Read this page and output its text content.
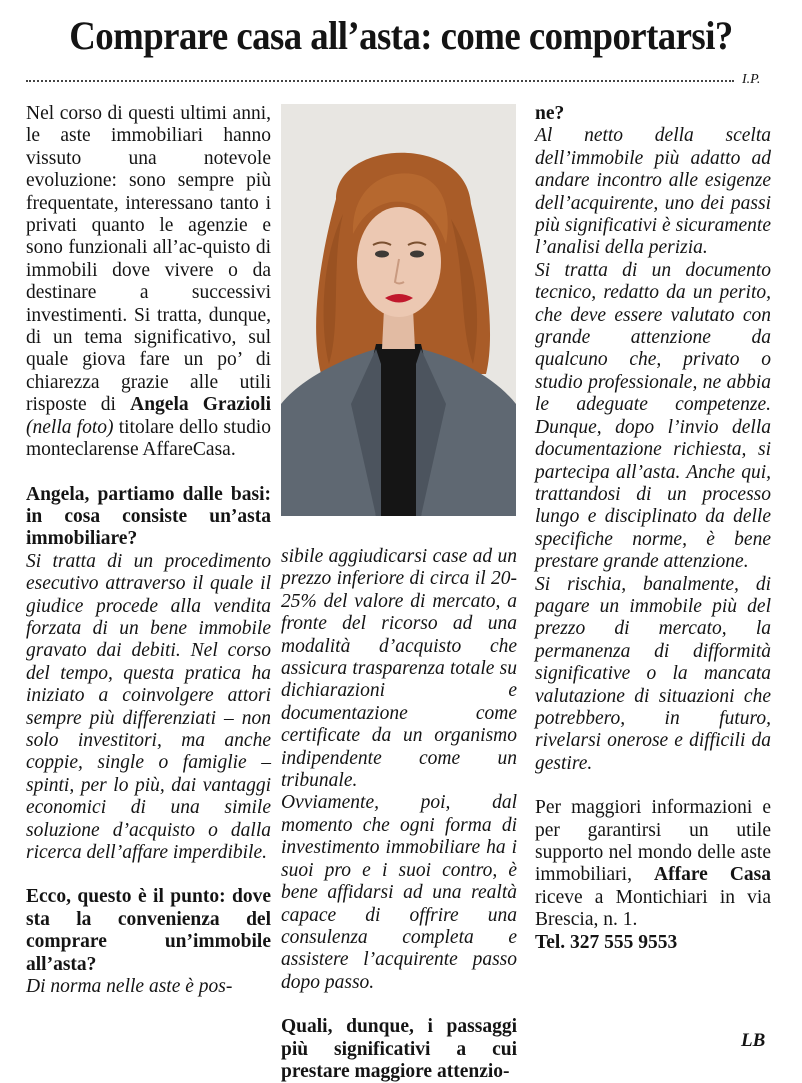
Comprare casa all’asta: come comportarsi?
I.P.

Nel corso di questi ultimi anni, le aste immobiliari hanno vissuto una notevole evoluzione: sono sempre più frequentate, interessano tanto i privati quanto le agenzie e sono funzionali all’ac-quisto di immobili dove vivere o da destinare a successivi investimenti. Si tratta, dunque, di un tema significativo, sul quale giova fare un po’ di chiarezza grazie alle utili risposte di Angela Grazioli (nella foto) titolare dello studio monteclarense AffareCasa.

Angela, partiamo dalle basi: in cosa consiste un’asta immobiliare?

Si tratta di un procedimento esecutivo attraverso il quale il giudice procede alla vendita forzata di un bene immobile gravato dai debiti. Nel corso del tempo, questa pratica ha iniziato a coinvolgere attori sempre più differenziati – non solo investitori, ma anche coppie, single o famiglie – spinti, per lo più, dai vantaggi economici di una simile soluzione d’acquisto o dalla ricerca dell’affare imperdibile.

Ecco, questo è il punto: dove sta la convenienza del comprare un’immobile all’asta?

Di norma nelle aste è pos-

sibile aggiudicarsi case ad un prezzo inferiore di circa il 20-25% del valore di mercato, a fronte del ricorso ad una modalità d’acquisto che assicura trasparenza totale su dichiarazioni e documentazione come certificate da un organismo indipendente come un tribunale.

Ovviamente, poi, dal momento che ogni forma di investimento immobiliare ha i suoi pro e i suoi contro, è bene affidarsi ad una realtà capace di offrire una consulenza completa e assistere l’acquirente passo dopo passo.

Quali, dunque, i passaggi più significativi a cui prestare maggiore attenzio-

ne?

Al netto della scelta dell’immobile più adatto ad andare incontro alle esigenze dell’acquirente, uno dei passi più significativi è sicuramente l’analisi della perizia.

Si tratta di un documento tecnico, redatto da un perito, che deve essere valutato con grande attenzione da qualcuno che, privato o studio professionale, ne abbia le adeguate competenze. Dunque, dopo l’invio della documentazione richiesta, si partecipa all’asta. Anche qui, trattandosi di un processo lungo e disciplinato da delle specifiche norme, è bene prestare grande attenzione.

Si rischia, banalmente, di pagare un immobile più del prezzo di mercato, la permanenza di difformità significative o la mancata valutazione di situazioni che potrebbero, in futuro, rivelarsi onerose e difficili da gestire.

Per maggiori informazioni e per garantirsi un utile supporto nel mondo delle aste immobiliari, Affare Casa riceve a Montichiari in via Brescia, n. 1.

Tel. 327 555 9553

LB
